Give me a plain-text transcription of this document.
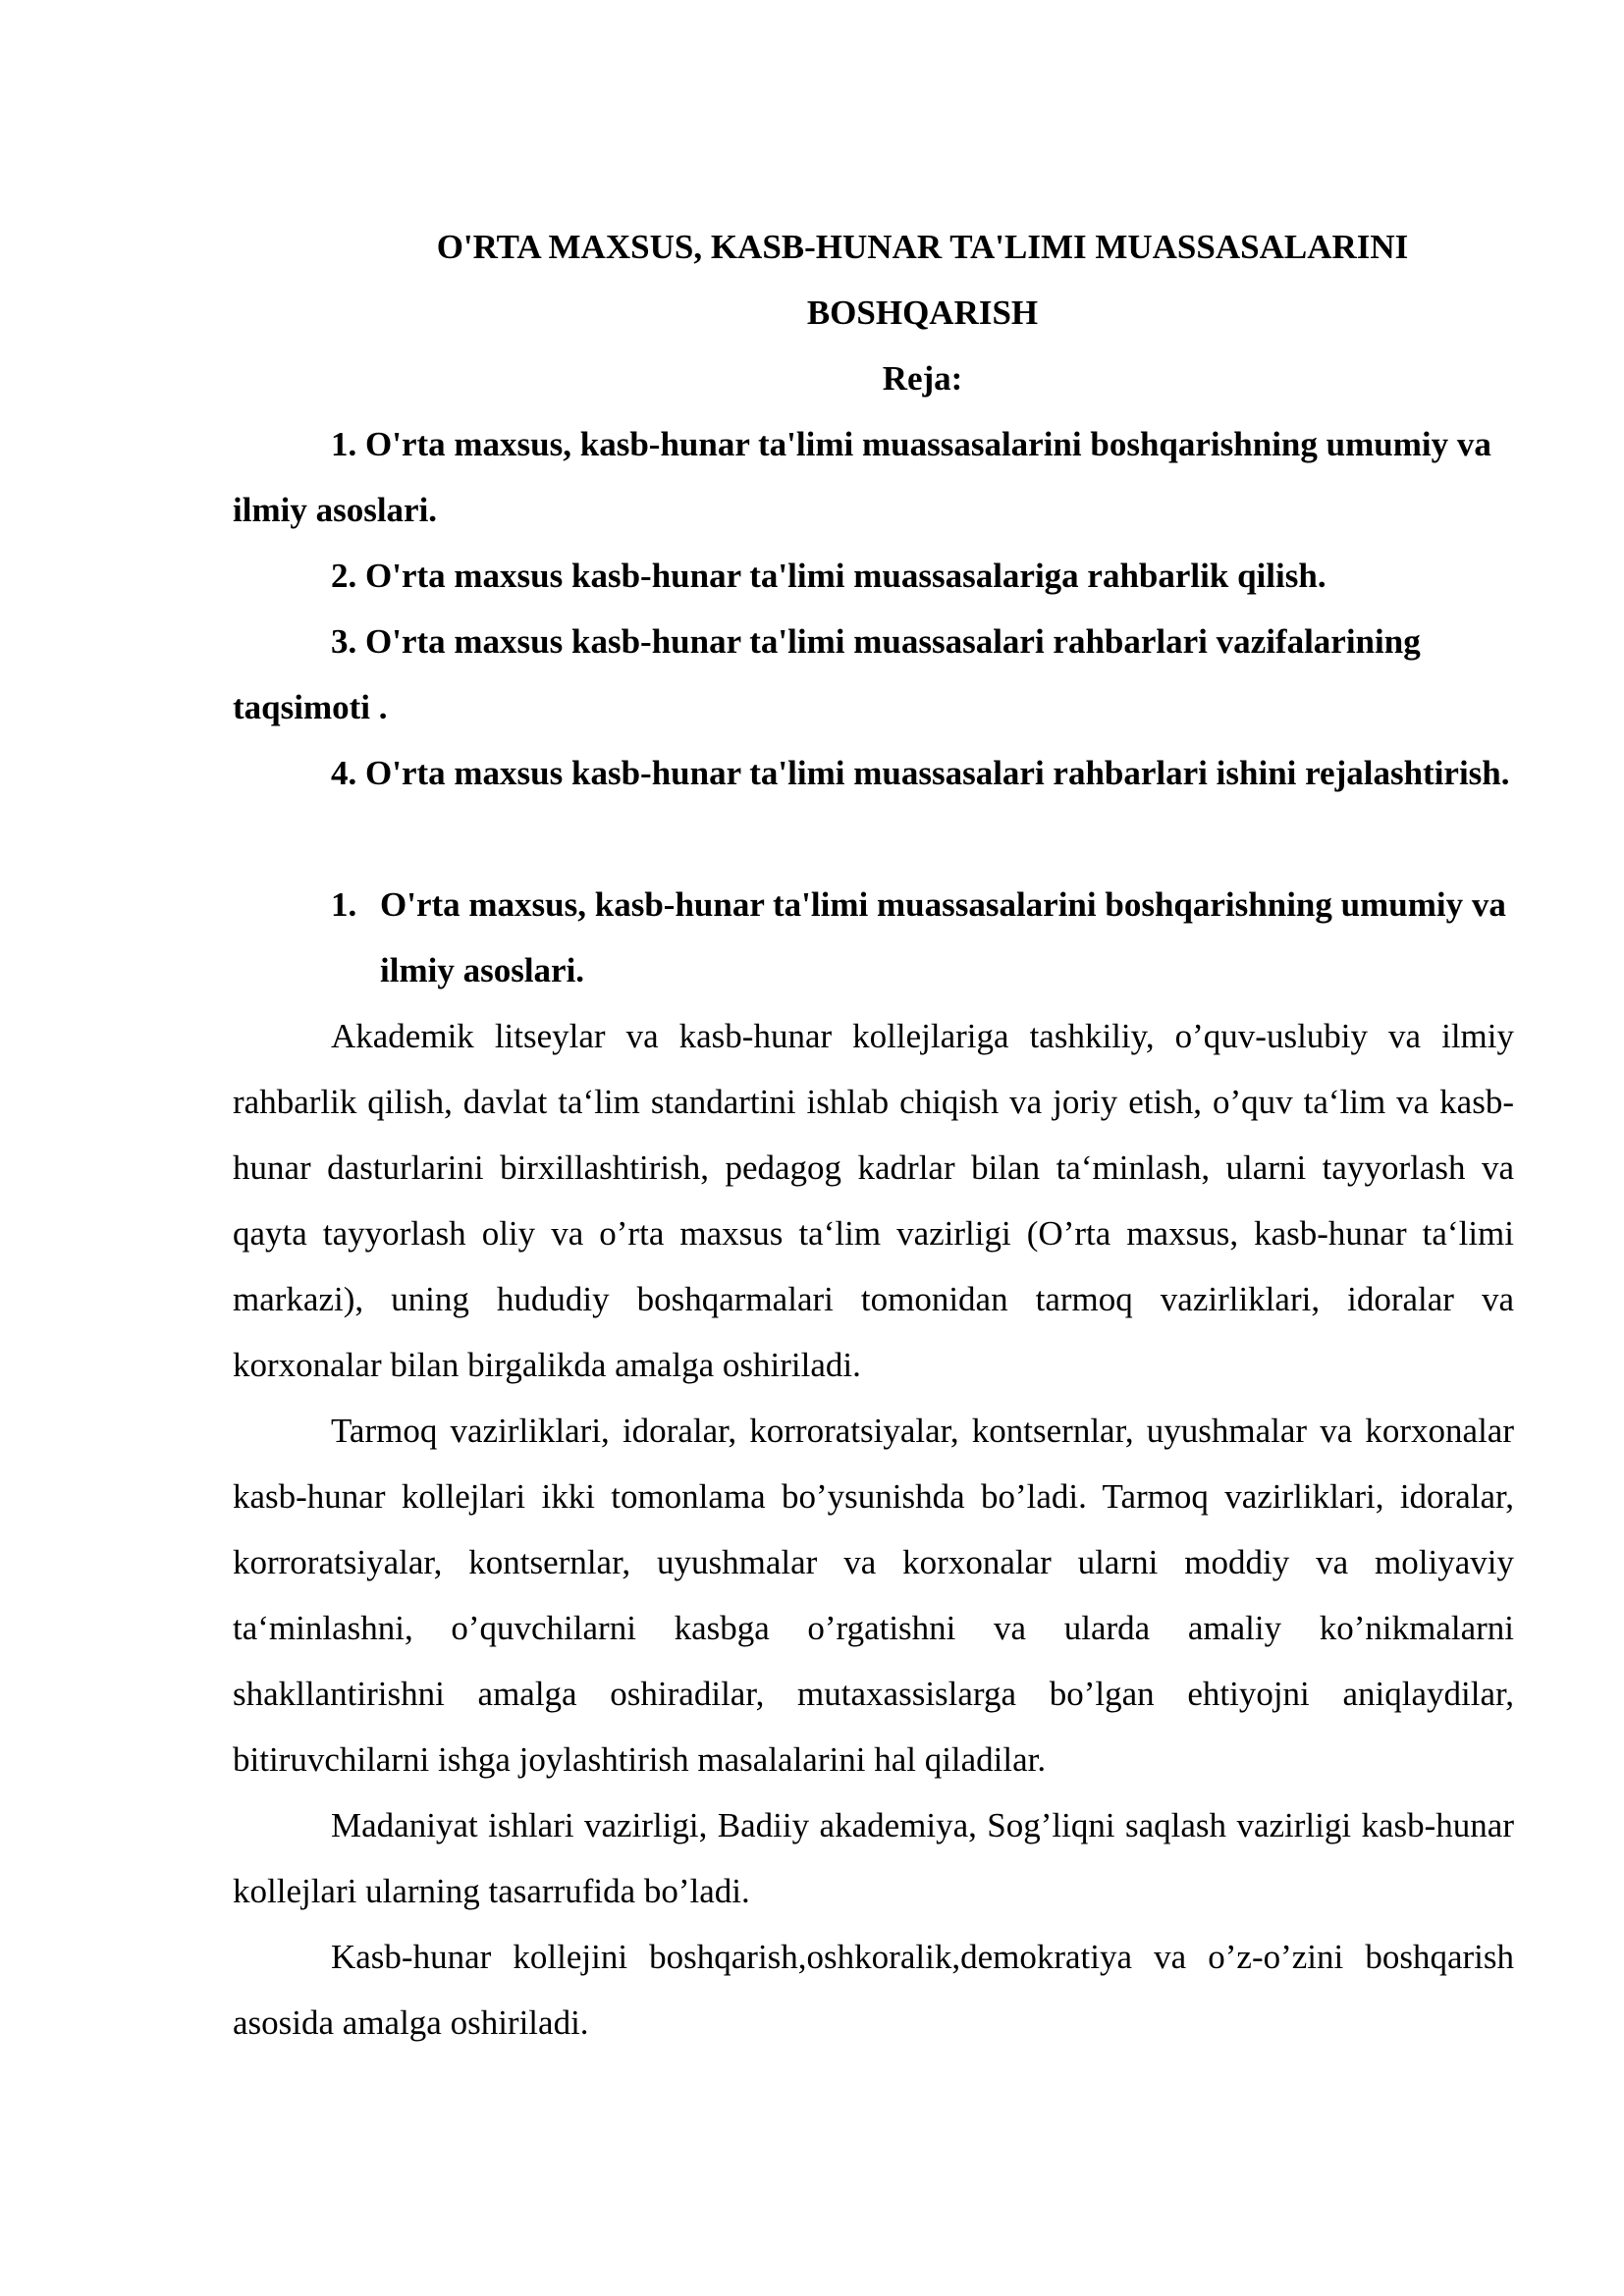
O'RTA MAXSUS, KASB-HUNAR TA'LIMI MUASSASALARINI BOSHQARISH

Reja:

1. O'rta maxsus, kasb-hunar ta'limi muassasalarini boshqarishning umumiy va ilmiy asoslari.

2. O'rta maxsus kasb-hunar ta'limi muassasalariga rahbarlik qilish.

3. O'rta maxsus kasb-hunar ta'limi muassasalari rahbarlari vazifalarining taqsimoti .

4. O'rta maxsus kasb-hunar ta'limi muassasalari rahbarlari ishini rejalashtirish.

1. O'rta maxsus, kasb-hunar ta'limi muassasalarini boshqarishning umumiy va ilmiy asoslari.

Akademik litseylar va kasb-hunar kollejlariga tashkiliy, o’quv-uslubiy va ilmiy rahbarlik qilish, davlat ta‘lim standartini ishlab chiqish va joriy etish, o’quv ta‘lim va kasb-hunar dasturlarini birxillashtirish, pedagog kadrlar bilan ta‘minlash, ularni tayyorlash va qayta tayyorlash oliy va o’rta maxsus ta‘lim vazirligi (O’rta maxsus, kasb-hunar ta‘limi markazi), uning hududiy boshqarmalari tomonidan tarmoq vazirliklari, idoralar va korxonalar bilan birgalikda amalga oshiriladi.

Tarmoq vazirliklari, idoralar, korroratsiyalar, kontsernlar, uyushmalar va korxonalar kasb-hunar kollejlari ikki tomonlama bo’ysunishda bo’ladi. Tarmoq vazirliklari, idoralar, korroratsiyalar, kontsernlar, uyushmalar va korxonalar ularni moddiy va moliyaviy ta‘minlashni, o’quvchilarni kasbga o’rgatishni va ularda amaliy ko’nikmalarni shakllantirishni amalga oshiradilar, mutaxassislarga bo’lgan ehtiyojni aniqlaydilar, bitiruvchilarni ishga joylashtirish masalalarini hal qiladilar.

Madaniyat ishlari vazirligi, Badiiy akademiya, Sog’liqni saqlash vazirligi kasb-hunar kollejlari ularning tasarrufida bo’ladi.

Kasb-hunar kollejini boshqarish,oshkoralik,demokratiya va o’z-o’zini boshqarish asosida amalga oshiriladi.
